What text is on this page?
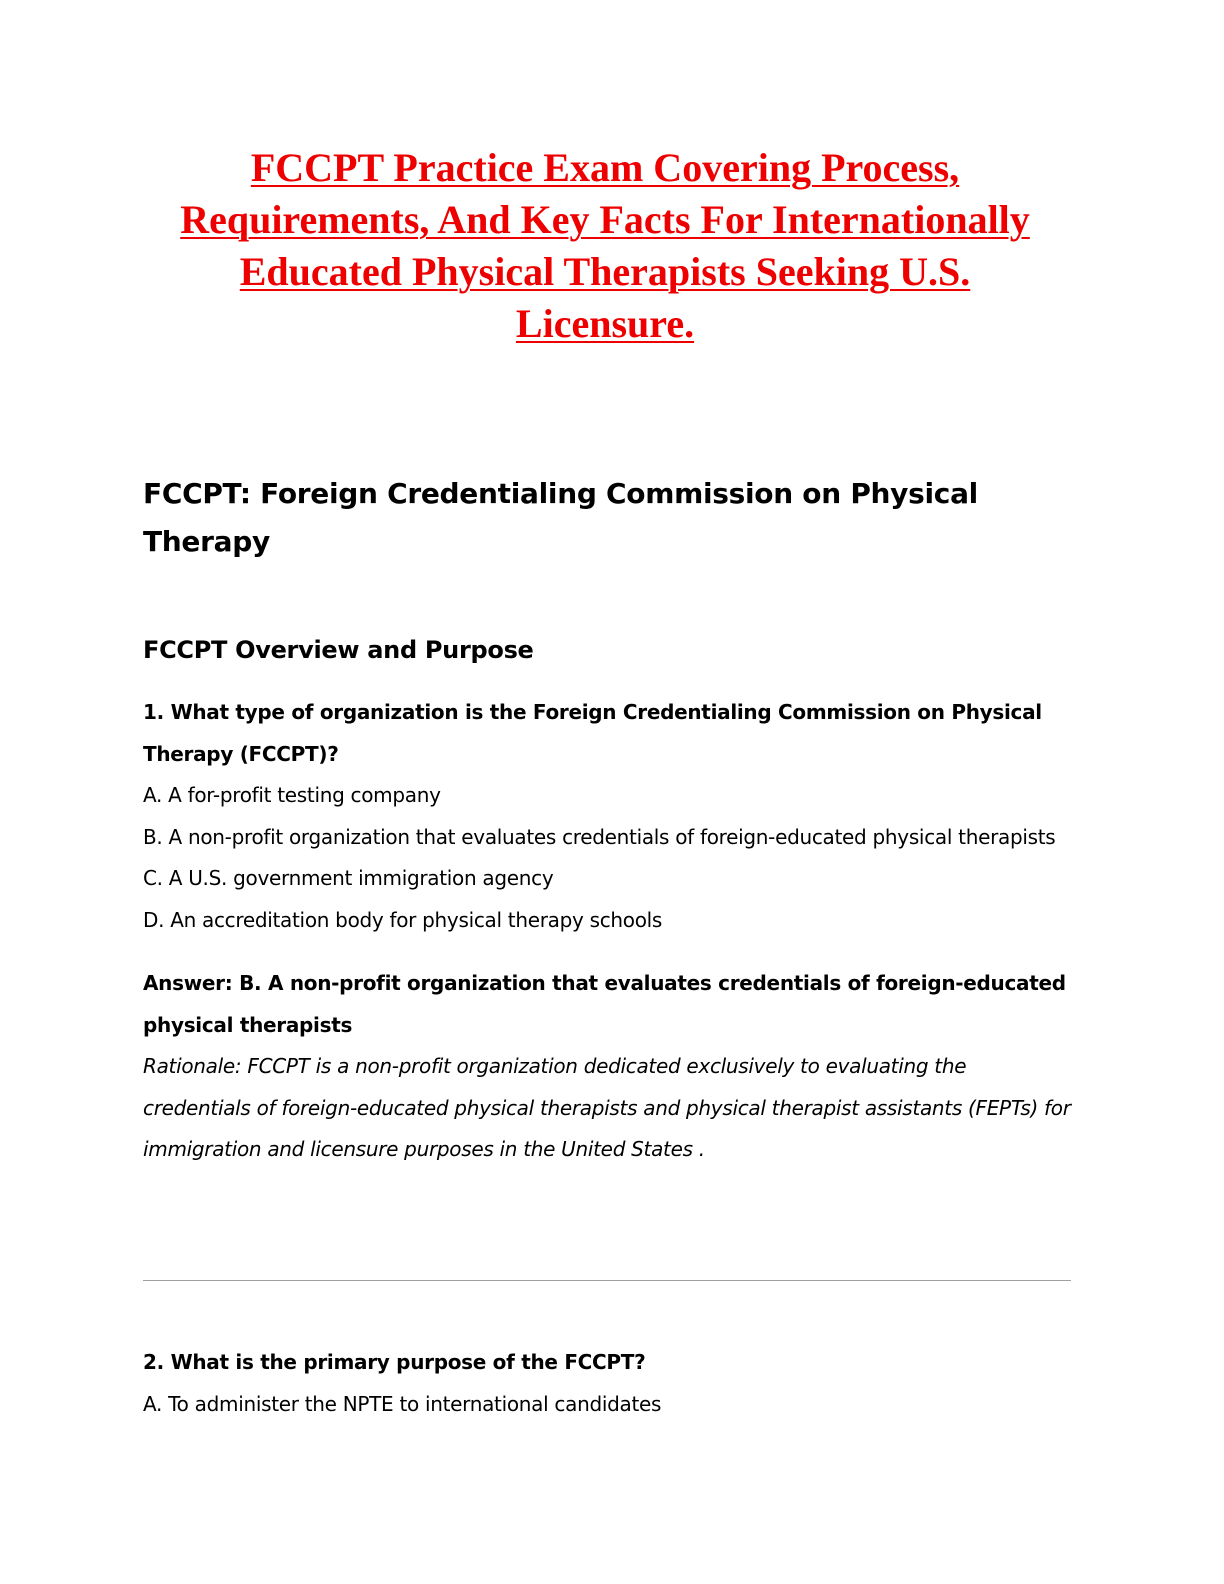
FCCPT Practice Exam Covering Process, Requirements, And Key Facts For Internationally Educated Physical Therapists Seeking U.S. Licensure.
FCCPT: Foreign Credentialing Commission on Physical Therapy
FCCPT Overview and Purpose

1. What type of organization is the Foreign Credentialing Commission on Physical Therapy (FCCPT)?

A. A for-profit testing company

B. A non-profit organization that evaluates credentials of foreign-educated physical therapists

C. A U.S. government immigration agency

D. An accreditation body for physical therapy schools

Answer: B. A non-profit organization that evaluates credentials of foreign-educated physical therapists

Rationale: FCCPT is a non-profit organization dedicated exclusively to evaluating the credentials of foreign-educated physical therapists and physical therapist assistants (FEPTs) for immigration and licensure purposes in the United States .

2. What is the primary purpose of the FCCPT?

A. To administer the NPTE to international candidates
